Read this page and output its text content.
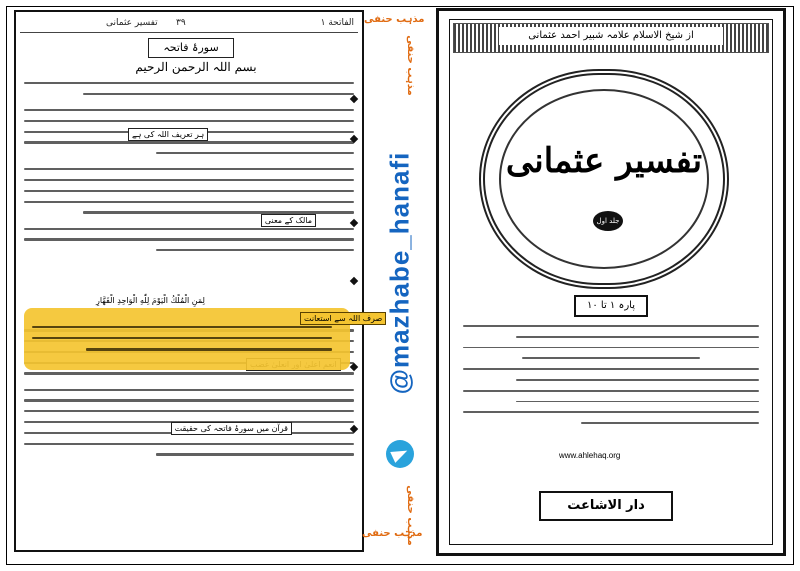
تفسیر عثمانی ۳۹	الفاتحة ۱
سورۂ فاتحہ
بسم اللہ الرحمن الرحیم
ہر تعریف اللہ کی ہے
مالک کے معنی
قرآن میں سورۂ فاتحہ کی حقیقت
لِمَنِ الْمُلْكُ الْيَوْمَ لِلّٰهِ الْوَاحِدِ الْقَهَّارِ
صرف اللہ سے استعانت
مذہب حنفی
مذہب حنفی
مذہب حنفی
مذہب حنفی
@mazhabe_hanafi
از شیخ الاسلام علامہ شبیر احمد عثمانی
تفسیر عثمانی
جلد اول
پارہ ۱ تا ۱۰
www.ahlehaq.org
دار الاشاعت
